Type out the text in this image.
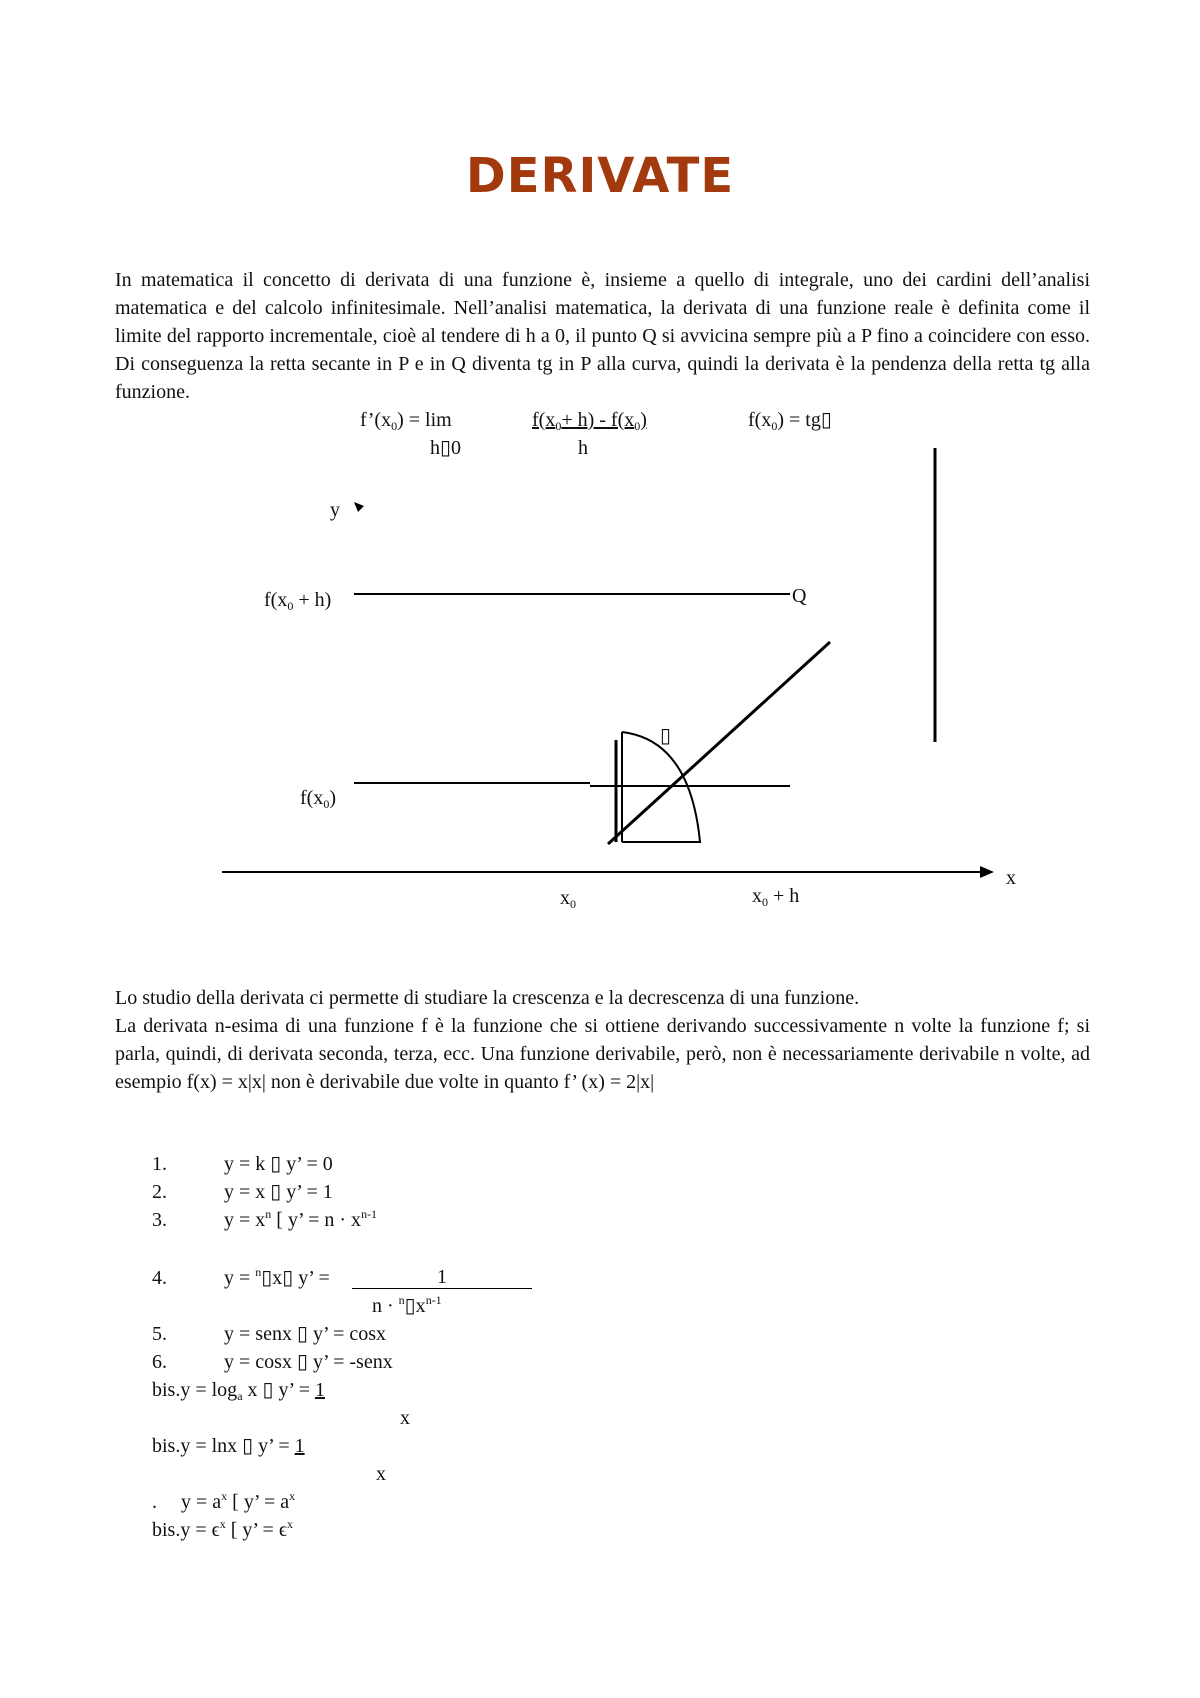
DERIVATE

In matematica il concetto di derivata di una funzione è, insieme a quello di integrale, uno dei cardini dell’analisi matematica e del calcolo infinitesimale. Nell’analisi matematica, la derivata di una funzione reale è definita come il limite del rapporto incrementale, cioè al tendere di h a 0, il punto Q si avvicina sempre più a P fino a coincidere con esso. Di conseguenza la retta secante in P e in Q diventa tg in P alla curva, quindi la derivata è la pendenza della retta tg alla funzione.

$f’(x_0) = \lim$
h▯0
$f(x_0+ h) - f(x_0)$
h
$f(x_0)$ = tg▯
y
x
$f(x_0 + h)$	Q
▯
$f(x_0)$
$x_0$	$x_0 + h$

Lo studio della derivata ci permette di studiare la crescenza e la decrescenza di una funzione.

La derivata n-esima di una funzione f è la funzione che si ottiene derivando successivamente n volte la funzione f; si parla, quindi, di derivata seconda, terza, ecc. Una funzione derivabile, però, non è necessariamente derivabile n volte, ad esempio f(x) = x|x| non è derivabile due volte in quanto f’ (x) = 2|x|

1.	y = k ▯ y’ = 0
2.	y = x ▯ y’ = 1
3.	$y = x^n$ [ y’ = $n \cdot x^{n-1}$
4.	y = $^n$▯x▯ y’ =	1
$n \cdot ^n▯x^{n-1}$
5.	y = senx ▯ y’ = cosx
6.	y = cosx ▯ y’ = -senx
$bis.y = \log_a x$ ▯ y’ = 1
x
bis.y = lnx ▯ y’ = 1
x
. $y = a^x$ [ y’ = $a^x$
$bis.y = \epsilon^x$ [ y’ = $\epsilon^x$
